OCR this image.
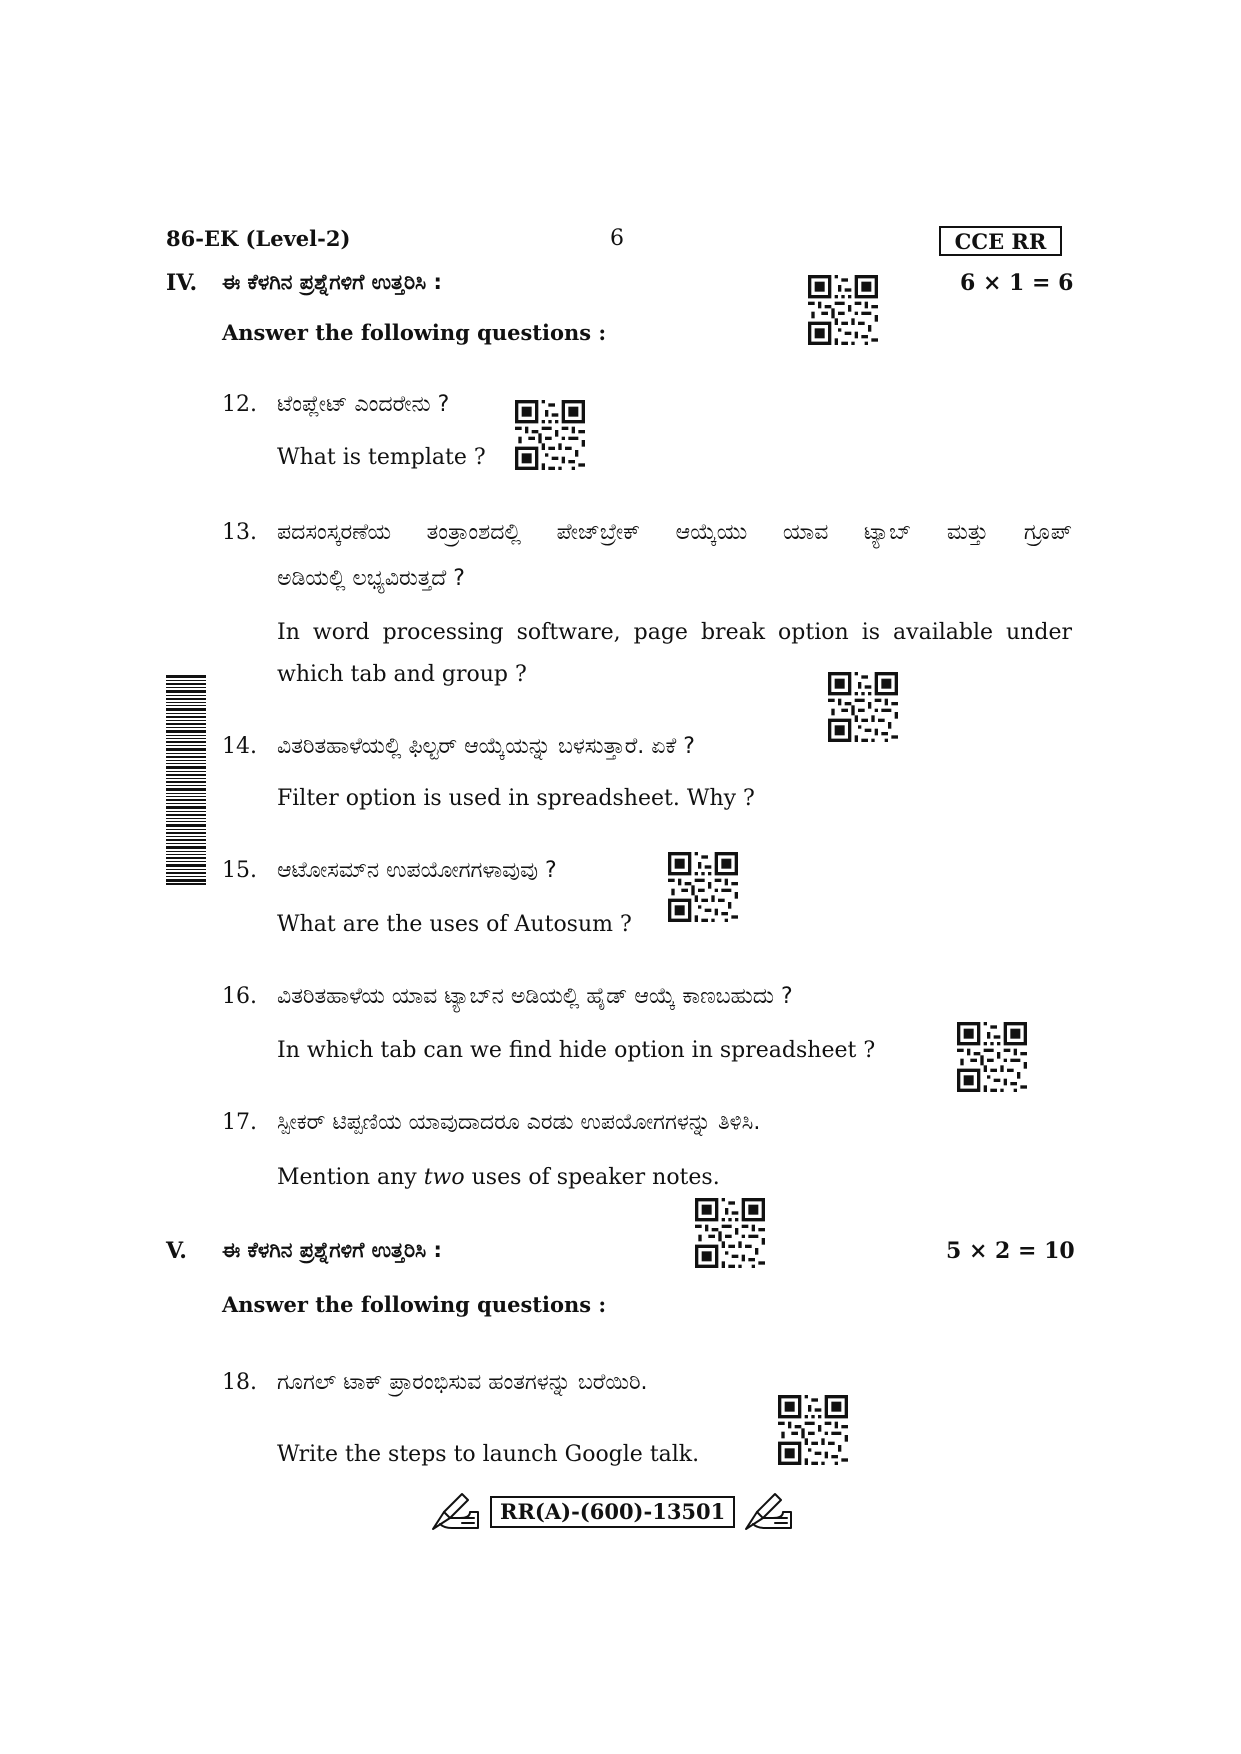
86-EK (Level-2)	6	CCE RR
IV. ಈ ಕೆಳಗಿನ ಪ್ರಶ್ನೆಗಳಿಗೆ ಉತ್ತರಿಸಿ :	6 × 1 = 6
Answer the following questions :
12. ಟೆಂಪ್ಲೇಟ್ ಎಂದರೇನು ?
What is template ?
13. ಪದಸಂಸ್ಕರಣೆಯ ತಂತ್ರಾಂಶದಲ್ಲಿ ಪೇಜ್‌ಬ್ರೇಕ್ ಆಯ್ಕೆಯು ಯಾವ ಟ್ಯಾಬ್ ಮತ್ತು ಗ್ರೂಪ್
ಅಡಿಯಲ್ಲಿ ಲಭ್ಯವಿರುತ್ತದೆ ?
In word processing software, page break option is available under
which tab and group ?
14. ವಿತರಿತಹಾಳೆಯಲ್ಲಿ ಫಿಲ್ಟರ್ ಆಯ್ಕೆಯನ್ನು ಬಳಸುತ್ತಾರೆ. ಏಕೆ ?
Filter option is used in spreadsheet. Why ?
15. ಆಟೋಸಮ್‌ನ ಉಪಯೋಗಗಳಾವುವು ?
What are the uses of Autosum ?
16. ವಿತರಿತಹಾಳೆಯ ಯಾವ ಟ್ಯಾಬ್‌ನ ಅಡಿಯಲ್ಲಿ ಹೈಡ್ ಆಯ್ಕೆ ಕಾಣಬಹುದು ?
In which tab can we find hide option in spreadsheet ?
17. ಸ್ಪೀಕರ್ ಟಿಪ್ಪಣಿಯ ಯಾವುದಾದರೂ ಎರಡು ಉಪಯೋಗಗಳನ್ನು ತಿಳಿಸಿ.
Mention any two uses of speaker notes.
V. ಈ ಕೆಳಗಿನ ಪ್ರಶ್ನೆಗಳಿಗೆ ಉತ್ತರಿಸಿ :	5 × 2 = 10
Answer the following questions :
18. ಗೂಗಲ್ ಟಾಕ್ ಪ್ರಾರಂಭಿಸುವ ಹಂತಗಳನ್ನು ಬರೆಯಿರಿ.
Write the steps to launch Google talk.
RR(A)-(600)-13501
